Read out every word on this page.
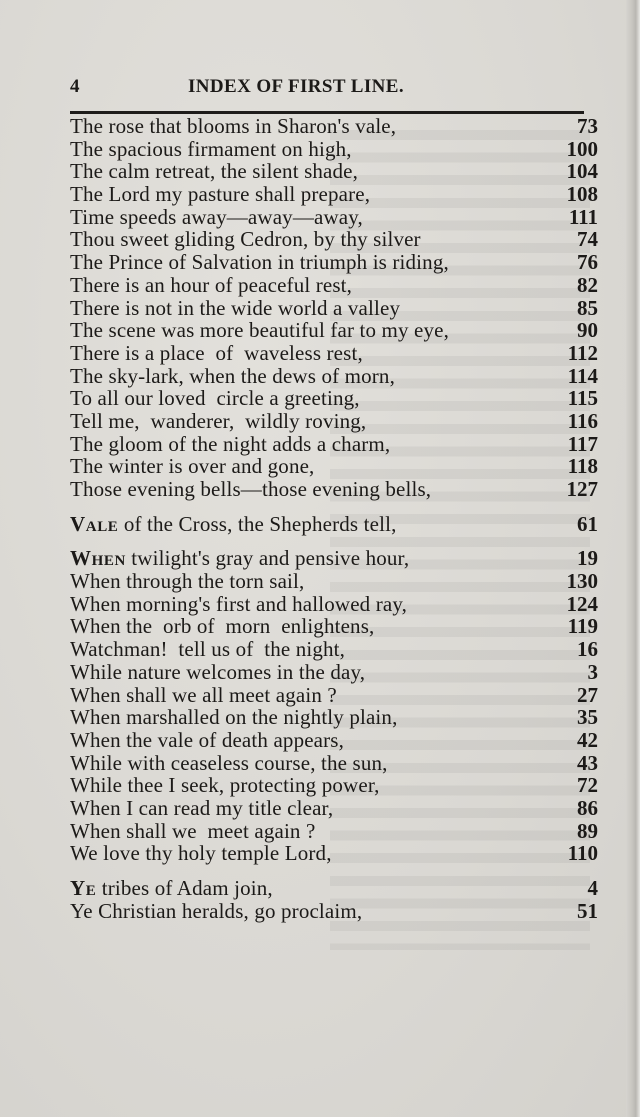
4	INDEX OF FIRST LINE.
The rose that blooms in Sharon's vale,	73
The spacious firmament on high,	100
The calm retreat, the silent shade,	104
The Lord my pasture shall prepare,	108
Time speeds away—away—away,	111
Thou sweet gliding Cedron, by thy silver	74
The Prince of Salvation in triumph is riding,	76
There is an hour of peaceful rest,	82
There is not in the wide world a valley	85
The scene was more beautiful far to my eye,	90
There is a place  of  waveless rest,	112
The sky-lark, when the dews of morn,	114
To all our loved  circle a greeting,	115
Tell me,  wanderer,  wildly roving,	116
The gloom of the night adds a charm,	117
The winter is over and gone,	118
Those evening bells—those evening bells,	127
Vale of the Cross, the Shepherds tell,	61
When twilight's gray and pensive hour,	19
When through the torn sail,	130
When morning's first and hallowed ray,	124
When the  orb of  morn  enlightens,	119
Watchman!  tell us of  the night,	16
While nature welcomes in the day,	3
When shall we all meet again ?	27
When marshalled on the nightly plain,	35
When the vale of death appears,	42
While with ceaseless course, the sun,	43
While thee I seek, protecting power,	72
When I can read my title clear,	86
When shall we  meet again ?	89
We love thy holy temple Lord,	110
Ye tribes of Adam join,	4
Ye Christian heralds, go proclaim,	51
